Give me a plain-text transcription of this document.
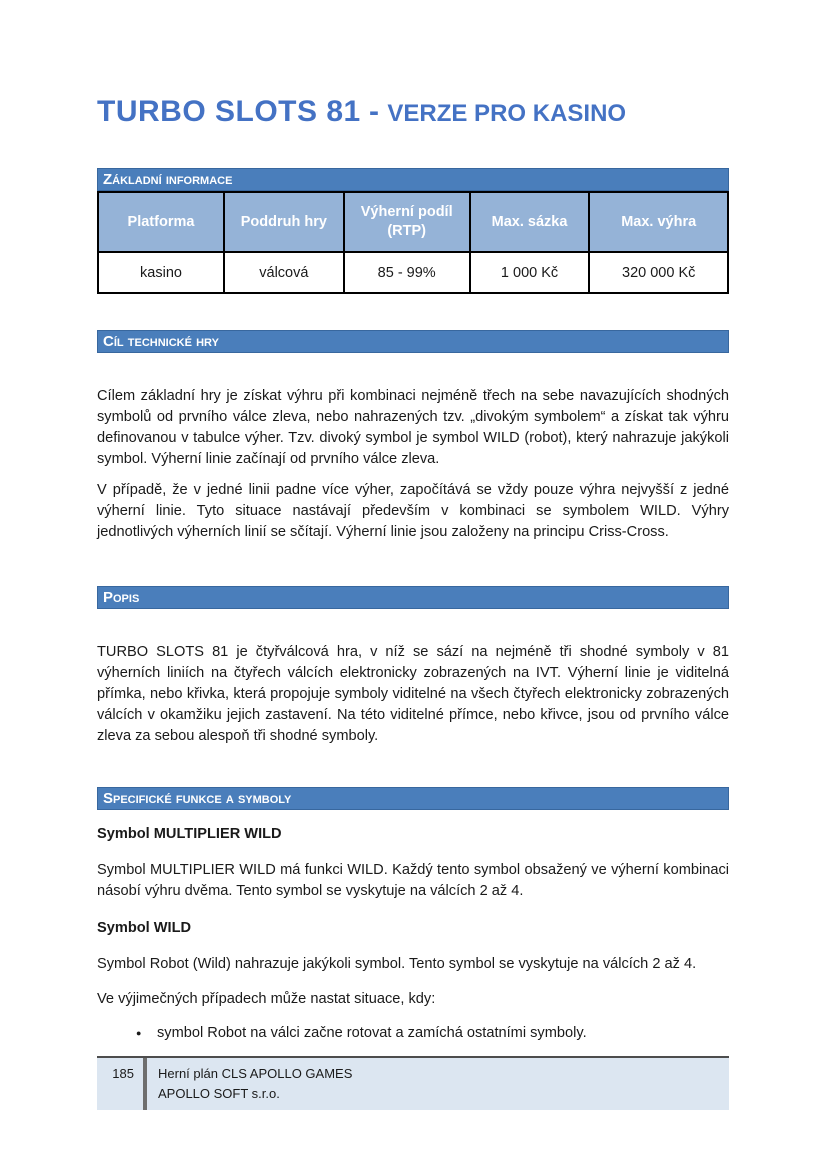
TURBO SLOTS 81 - VERZE PRO KASINO
Základní informace
Platforma	Poddruh hry	Výherní podíl (RTP)	Max. sázka	Max. výhra
kasino	válcová	85 - 99%	1 000 Kč	320 000 Kč
Cíl technické hry

Cílem základní hry je získat výhru při kombinaci nejméně třech na sebe navazujících shodných symbolů od prvního válce zleva, nebo nahrazených tzv. „divokým symbolem“ a získat tak výhru definovanou v tabulce výher. Tzv. divoký symbol je symbol WILD (robot), který nahrazuje jakýkoli symbol. Výherní linie začínají od prvního válce zleva.

V případě, že v jedné linii padne více výher, započítává se vždy pouze výhra nejvyšší z jedné výherní linie. Tyto situace nastávají především v kombinaci se symbolem WILD. Výhry jednotlivých výherních linií se sčítají. Výherní linie jsou založeny na principu Criss-Cross.

Popis

TURBO SLOTS 81 je čtyřválcová hra, v níž se sází na nejméně tři shodné symboly v 81 výherních liniích na čtyřech válcích elektronicky zobrazených na IVT. Výherní linie je viditelná přímka, nebo křivka, která propojuje symboly viditelné na všech čtyřech elektronicky zobrazených válcích v okamžiku jejich zastavení. Na této viditelné přímce, nebo křivce, jsou od prvního válce zleva za sebou alespoň tři shodné symboly.

Specifické funkce a symboly
Symbol MULTIPLIER WILD

Symbol MULTIPLIER WILD má funkci WILD. Každý tento symbol obsažený ve výherní kombinaci násobí výhru dvěma. Tento symbol se vyskytuje na válcích 2 až 4.

Symbol WILD

Symbol Robot (Wild) nahrazuje jakýkoli symbol. Tento symbol se vyskytuje na válcích 2 až 4.

Ve výjimečných případech může nastat situace, kdy:

●	symbol Robot na válci začne rotovat a zamíchá ostatními symboly.
185	Herní plán CLS APOLLO GAMES
APOLLO SOFT s.r.o.
